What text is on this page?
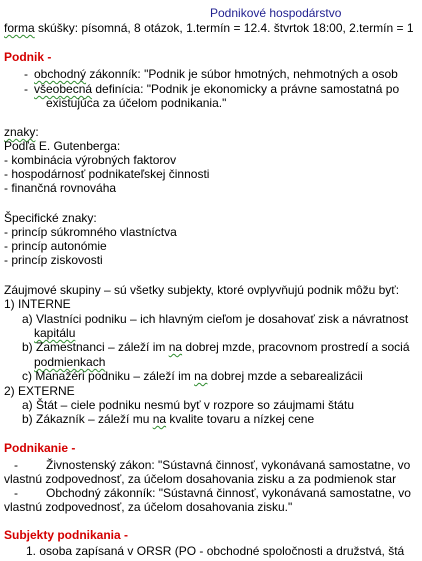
Podnikové hospodárstvo
forma skúšky: písomná, 8 otázok, 1.termín = 12.4. štvrtok 18:00, 2.termín = 1
Podnik -
- obchodný zákonník: "Podnik je súbor hmotných, nehmotných a osob
- všeobecná definícia: "Podnik je ekonomicky a právne samostatná po
existujúca za účelom podnikania."
znaky:
Podľa E. Gutenberga:
- kombinácia výrobných faktorov
- hospodárnosť podnikateľskej činnosti
- finančná rovnováha
Špecifické znaky:
- princíp súkromného vlastníctva
- princíp autonómie
- princíp ziskovosti
Záujmové skupiny – sú všetky subjekty, ktoré ovplyvňujú podnik môžu byť:
1) INTERNE
a) Vlastníci podniku – ich hlavným cieľom je dosahovať zisk a návratnost
kapitálu
b) Zamestnanci – záleží im na dobrej mzde, pracovnom prostredí a sociá
podmienkach
c) Manažéri podniku – záleží im na dobrej mzde a sebarealizácii
2) EXTERNE
a) Štát – ciele podniku nesmú byť v rozpore so záujmami štátu
b) Zákazník – záleží mu na kvalite tovaru a nízkej cene
Podnikanie -
- Živnostenský zákon: "Sústavná činnosť, vykonávaná samostatne, vo
vlastnú zodpovednosť, za účelom dosahovania zisku a za podmienok star
- Obchodný zákonník: "Sústavná činnosť, vykonávaná samostatne, vo
vlastnú zodpovednosť, za účelom dosahovania zisku."
Subjekty podnikania -
1. osoba zapísaná v ORSR (PO - obchodné spoločnosti a družstvá, štá
